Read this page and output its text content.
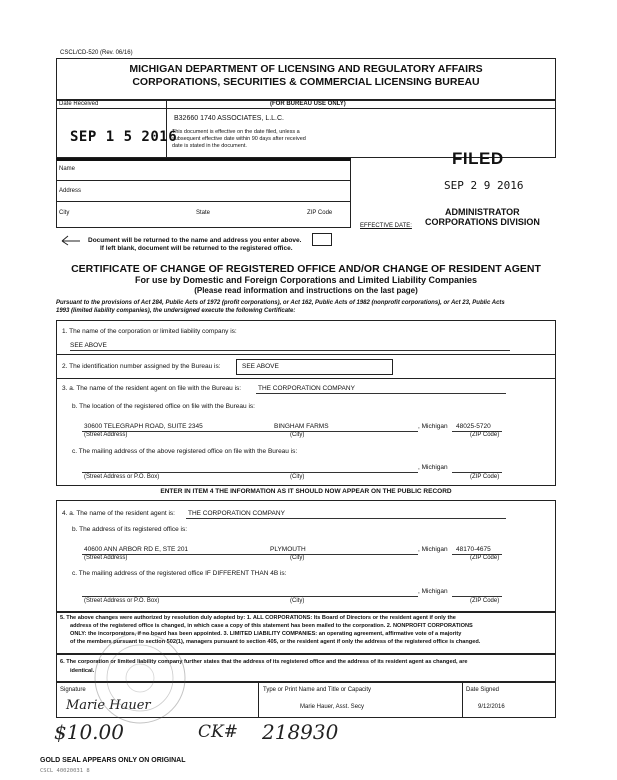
CSCL/CD-520 (Rev. 06/16)
MICHIGAN DEPARTMENT OF LICENSING AND REGULATORY AFFAIRS
CORPORATIONS, SECURITIES & COMMERCIAL LICENSING BUREAU
Date Received	(FOR BUREAU USE ONLY)
SEP 1 5 2016
B32660 1740 ASSOCIATES, L.L.C.
This document is effective on the date filed, unless a
subsequent effective date within 90 days after received
date is stated in the document.
Name
Address
City	State	ZIP Code
FILED
SEP 2 9 2016
ADMINISTRATOR
CORPORATIONS DIVISION
EFFECTIVE DATE:
Document will be returned to the name and address you enter above.
If left blank, document will be returned to the registered office.
CERTIFICATE OF CHANGE OF REGISTERED OFFICE AND/OR CHANGE OF RESIDENT AGENT
For use by Domestic and Foreign Corporations and Limited Liability Companies
(Please read information and instructions on the last page)
Pursuant to the provisions of Act 284, Public Acts of 1972 (profit corporations), or Act 162, Public Acts of 1982 (nonprofit corporations), or Act 23, Public Acts
1993 (limited liability companies), the undersigned execute the following Certificate:
1. The name of the corporation or limited liability company is:
SEE ABOVE
2. The identification number assigned by the Bureau is:	SEE ABOVE
3. a. The name of the resident agent on file with the Bureau is:	THE CORPORATION COMPANY
b. The location of the registered office on file with the Bureau is:
30600 TELEGRAPH ROAD, SUITE 2345	BINGHAM FARMS	, Michigan 48025-5720
(Street Address)	(City)	(ZIP Code)
c. The mailing address of the above registered office on file with the Bureau is:
, Michigan
(Street Address or P.O. Box)	(City)	(ZIP Code)
ENTER IN ITEM 4 THE INFORMATION AS IT SHOULD NOW APPEAR ON THE PUBLIC RECORD
4. a. The name of the resident agent is: THE CORPORATION COMPANY
b. The address of its registered office is:
40600 ANN ARBOR RD E, STE 201	PLYMOUTH	, Michigan 48170-4675
(Street Address)	(City)	(ZIP Code)
c. The mailing address of the registered office IF DIFFERENT THAN 4B is:
, Michigan
(Street Address or P.O. Box)	(City)	(ZIP Code)
5. The above changes were authorized by resolution duly adopted by: 1. ALL CORPORATIONS: Its Board of Directors or the resident agent if only the
address of the registered office is changed, in which case a copy of this statement has been mailed to the corporation. 2. NONPROFIT CORPORATIONS
ONLY: the incorporators, if no board has been appointed. 3. LIMITED LIABILITY COMPANIES: an operating agreement, affirmative vote of a majority
of the members pursuant to section 502(1), managers pursuant to section 405, or the resident agent if only the address of the registered office is changed.
6. The corporation or limited liability company further states that the address of its registered office and the address of its resident agent as changed, are
identical.
Signature	Type or Print Name and Title or Capacity	Date Signed
Marie Hauer, Asst. Secy	9/12/2016
Marie Hauer
$10.00	CK# 218930
GOLD SEAL APPEARS ONLY ON ORIGINAL
CSCL 40020031 8
